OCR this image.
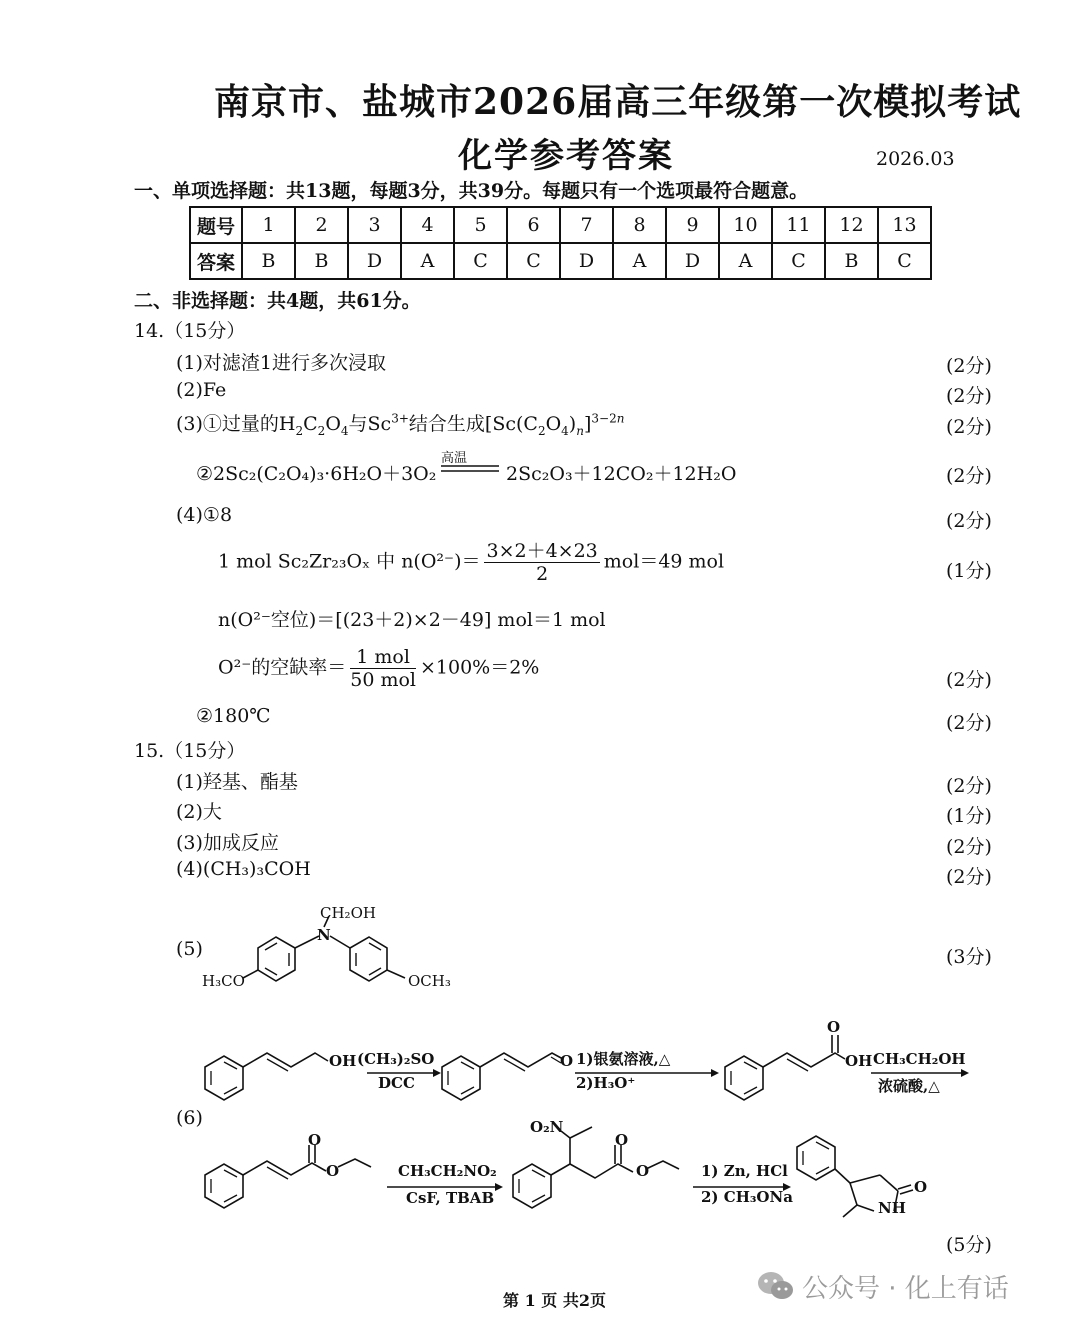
南京市、盐城市2026届高三年级第一次模拟考试
化学参考答案	2026.03
一、单项选择题：共13题，每题3分，共39分。每题只有一个选项最符合题意。
题号	1	2	3	4	5	6	7	8	9	10	11	12	13
答案	B	B	D	A	C	C	D	A	D	A	C	B	C
二、非选择题：共4题，共61分。
14.（15分）
(1)对滤渣1进行多次浸取	(2分)
(2)Fe	(2分)
(3)①过量的$H_2C_2O_4$与$Sc^{3+}$结合生成$[Sc(C_2O_4)_n]^{3-2n}$	(2分)
②2Sc₂(C₂O₄)₃·6H₂O＋3O₂
高温
2Sc₂O₃＋12CO₂＋12H₂O	(2分)
(4)①8	(2分)
1 mol Sc₂Zr₂₃Oₓ 中 $n(O^{2-})= \frac{3\times 2+4\times 23}{2} mol=49$ mol	(1分)
n(O²⁻空位)＝[(23＋2)×2－49] mol＝1 mol
O²⁻的空缺率＝ $\frac{\text{1 mol}}{\text{50 mol}} \times 100\%=2\%$
(2分)
②180℃	(2分)
15.（15分）
(1)羟基、酯基	(2分)
(2)大	(1分)
(3)加成反应	(2分)
(4)(CH₃)₃COH	(2分)
(5)	(3分)
CH₂OH
N
H₃CO	OCH₃
(6)
OH (CH₃)₂SO
DCC
O 1)银氨溶液,△
2)H₃O⁺
O
OH CH₃CH₂OH
浓硫酸,△
O
O	CH₃CH₂NO₂
CsF, TBAB
O₂N
O
O	1) Zn, HCl
2) CH₃ONa
O
NH
(5分)
第 1 页 共2页	公众号 · 化上有话
